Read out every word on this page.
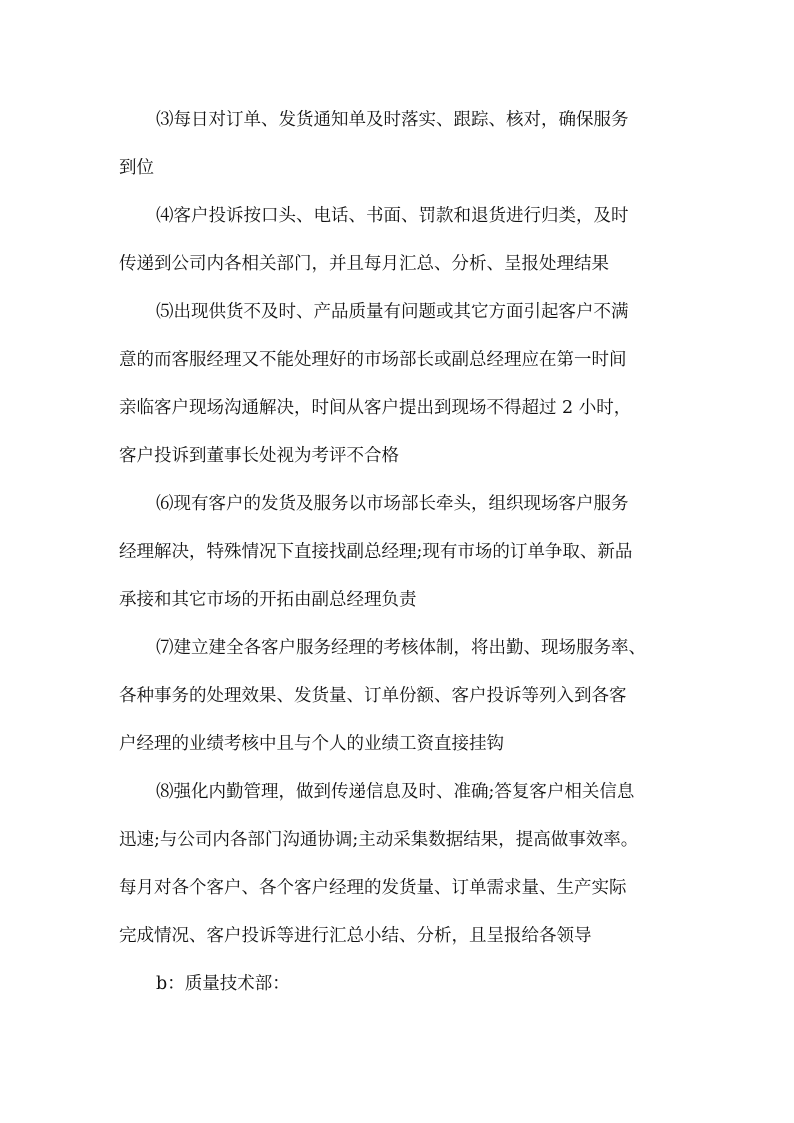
⑶每日对订单、发货通知单及时落实、跟踪、核对，确保服务

到位

⑷客户投诉按口头、电话、书面、罚款和退货进行归类，及时

传递到公司内各相关部门，并且每月汇总、分析、呈报处理结果

⑸出现供货不及时、产品质量有问题或其它方面引起客户不满

意的而客服经理又不能处理好的市场部长或副总经理应在第一时间

亲临客户现场沟通解决，时间从客户提出到现场不得超过 2 小时，

客户投诉到董事长处视为考评不合格

⑹现有客户的发货及服务以市场部长牵头，组织现场客户服务

经理解决，特殊情况下直接找副总经理;现有市场的订单争取、新品

承接和其它市场的开拓由副总经理负责

⑺建立建全各客户服务经理的考核体制，将出勤、现场服务率、

各种事务的处理效果、发货量、订单份额、客户投诉等列入到各客

户经理的业绩考核中且与个人的业绩工资直接挂钩

⑻强化内勤管理，做到传递信息及时、准确;答复客户相关信息

迅速;与公司内各部门沟通协调;主动采集数据结果，提高做事效率。

每月对各个客户、各个客户经理的发货量、订单需求量、生产实际

完成情况、客户投诉等进行汇总小结、分析，且呈报给各领导

b：质量技术部：
